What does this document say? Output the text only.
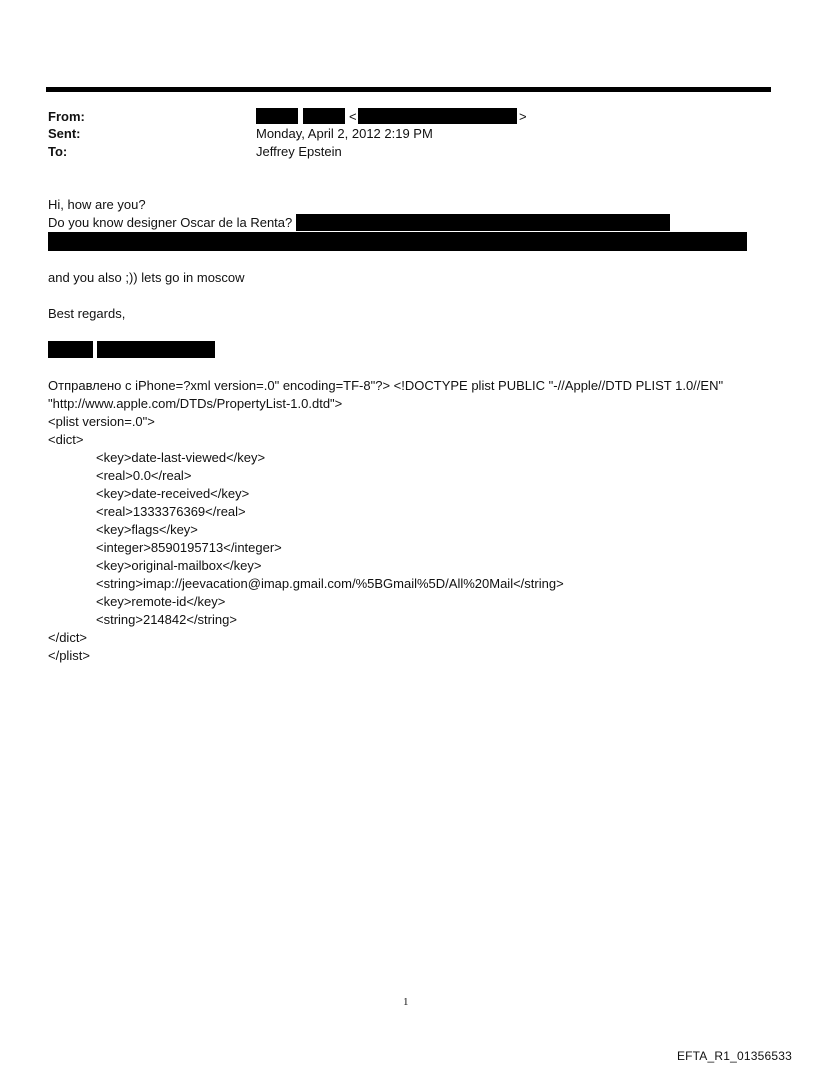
From:	<	>
Sent:	Monday, April 2, 2012 2:19 PM
To:	Jeffrey Epstein
Hi, how are you?
Do you know designer Oscar de la Renta?
and you also ;)) lets go in moscow
Best regards,
Отправлено с iPhone=?xml version=.0" encoding=TF-8"?> <!DOCTYPE plist PUBLIC "-//Apple//DTD PLIST 1.0//EN"
"http://www.apple.com/DTDs/PropertyList-1.0.dtd">
<plist version=.0">
<dict>
<key>date-last-viewed</key>
<real>0.0</real>
<key>date-received</key>
<real>1333376369</real>
<key>flags</key>
<integer>8590195713</integer>
<key>original-mailbox</key>
<string>imap://jeevacation@imap.gmail.com/%5BGmail%5D/All%20Mail</string>
<key>remote-id</key>
<string>214842</string>
</dict>
</plist>
1
EFTA_R1_01356533
